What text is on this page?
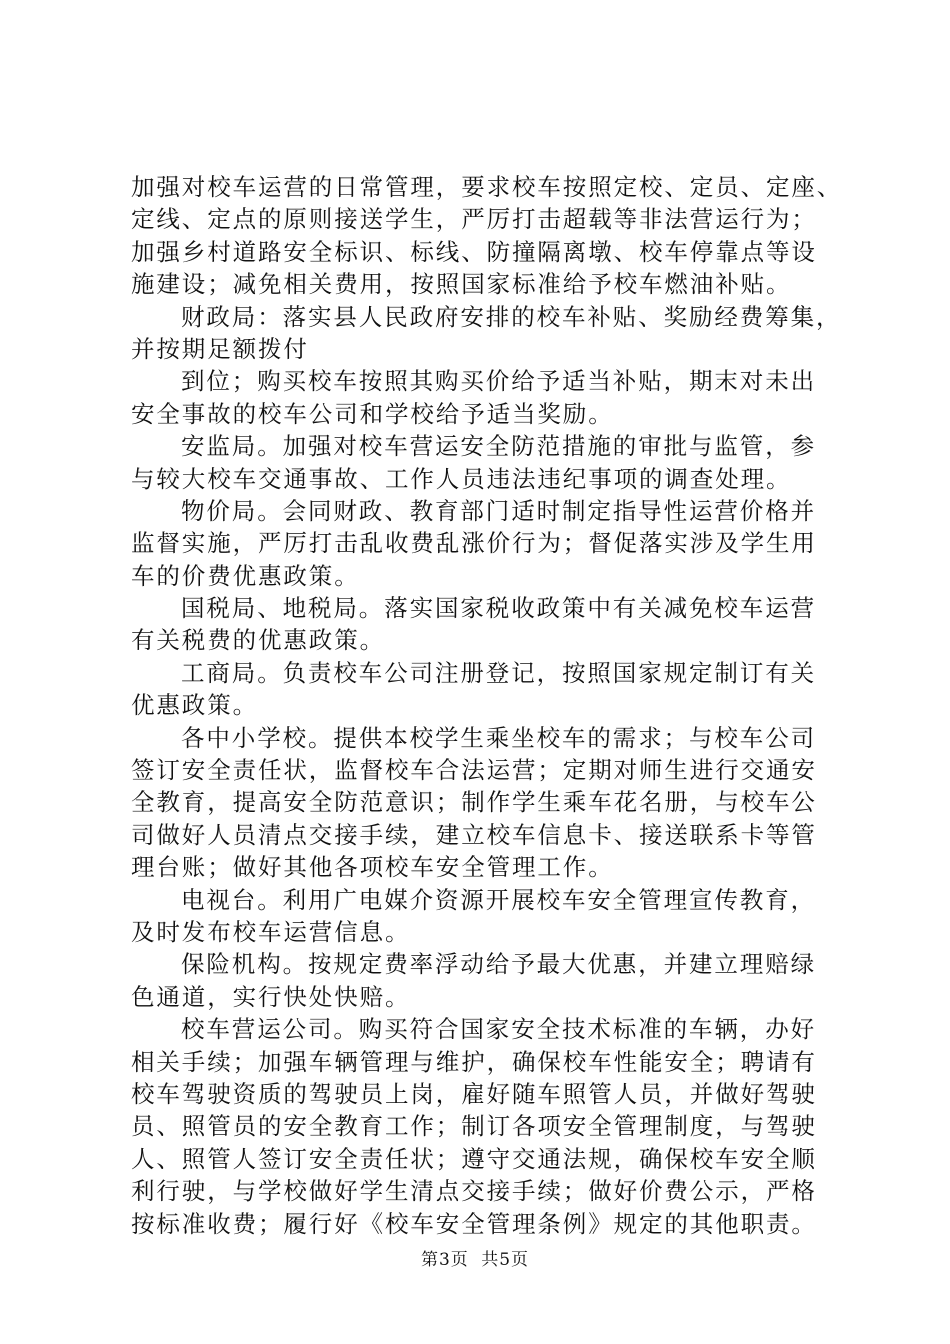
加强对校车运营的日常管理，要求校车按照定校、定员、定座、
定线、定点的原则接送学生，严厉打击超载等非法营运行为；
加强乡村道路安全标识、标线、防撞隔离墩、校车停靠点等设
施建设；减免相关费用，按照国家标准给予校车燃油补贴。
财政局：落实县人民政府安排的校车补贴、奖励经费筹集，
并按期足额拨付
到位；购买校车按照其购买价给予适当补贴，期末对未出
安全事故的校车公司和学校给予适当奖励。
安监局。加强对校车营运安全防范措施的审批与监管，参
与较大校车交通事故、工作人员违法违纪事项的调查处理。
物价局。会同财政、教育部门适时制定指导性运营价格并
监督实施，严厉打击乱收费乱涨价行为；督促落实涉及学生用
车的价费优惠政策。
国税局、地税局。落实国家税收政策中有关减免校车运营
有关税费的优惠政策。
工商局。负责校车公司注册登记，按照国家规定制订有关
优惠政策。
各中小学校。提供本校学生乘坐校车的需求；与校车公司
签订安全责任状，监督校车合法运营；定期对师生进行交通安
全教育，提高安全防范意识；制作学生乘车花名册，与校车公
司做好人员清点交接手续，建立校车信息卡、接送联系卡等管
理台账；做好其他各项校车安全管理工作。
电视台。利用广电媒介资源开展校车安全管理宣传教育，
及时发布校车运营信息。
保险机构。按规定费率浮动给予最大优惠，并建立理赔绿
色通道，实行快处快赔。
校车营运公司。购买符合国家安全技术标准的车辆，办好
相关手续；加强车辆管理与维护，确保校车性能安全；聘请有
校车驾驶资质的驾驶员上岗，雇好随车照管人员，并做好驾驶
员、照管员的安全教育工作；制订各项安全管理制度，与驾驶
人、照管人签订安全责任状；遵守交通法规，确保校车安全顺
利行驶，与学校做好学生清点交接手续；做好价费公示，严格
按标准收费；履行好《校车安全管理条例》规定的其他职责。
第3页 共5页
